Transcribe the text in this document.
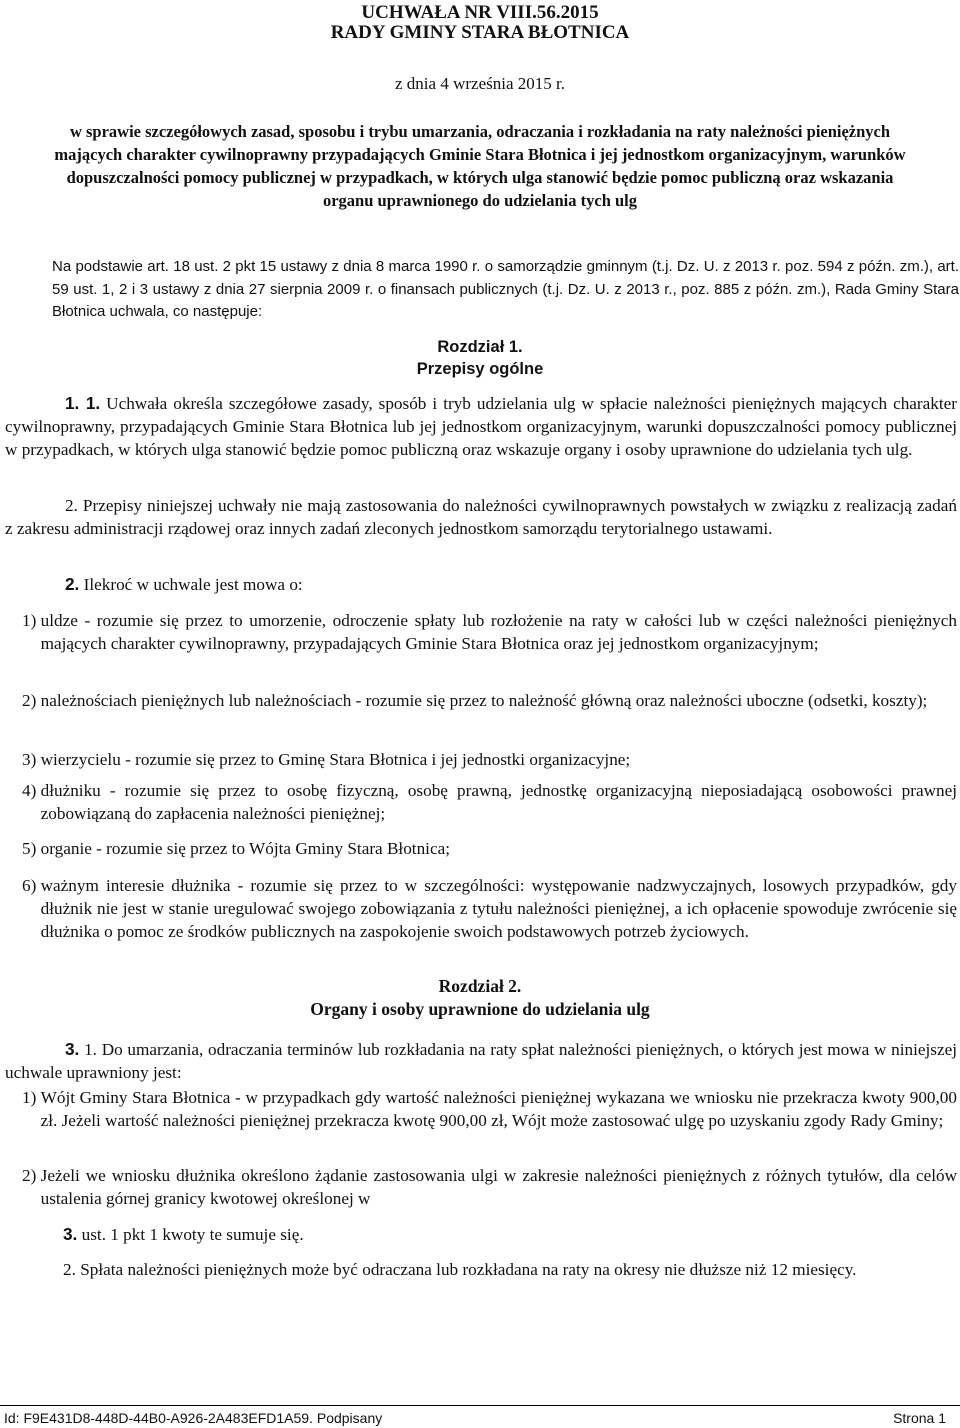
UCHWAŁA NR VIII.56.2015
RADY GMINY STARA BŁOTNICA
z dnia 4 września 2015 r.
w sprawie szczegółowych zasad, sposobu i trybu umarzania, odraczania i rozkładania na raty należności pieniężnych mających charakter cywilnoprawny przypadających Gminie Stara Błotnica i jej jednostkom organizacyjnym, warunków dopuszczalności pomocy publicznej w przypadkach, w których ulga stanowić będzie pomoc publiczną oraz wskazania organu uprawnionego do udzielania tych ulg
Na podstawie art. 18 ust. 2 pkt 15 ustawy z dnia 8 marca 1990 r. o samorządzie gminnym (t.j. Dz. U. z 2013 r. poz. 594 z późn. zm.), art. 59 ust. 1, 2 i 3 ustawy z dnia 27 sierpnia 2009 r. o finansach publicznych (t.j. Dz. U. z 2013 r., poz. 885 z późn. zm.), Rada Gminy Stara Błotnica uchwala, co następuje:
Rozdział 1.
Przepisy ogólne
1. 1. Uchwała określa szczegółowe zasady, sposób i tryb udzielania ulg w spłacie należności pieniężnych mających charakter cywilnoprawny, przypadających Gminie Stara Błotnica lub jej jednostkom organizacyjnym, warunki dopuszczalności pomocy publicznej w przypadkach, w których ulga stanowić będzie pomoc publiczną oraz wskazuje organy i osoby uprawnione do udzielania tych ulg.
2. Przepisy niniejszej uchwały nie mają zastosowania do należności cywilnoprawnych powstałych w związku z realizacją zadań z zakresu administracji rządowej oraz innych zadań zleconych jednostkom samorządu terytorialnego ustawami.
2. Ilekroć w uchwale jest mowa o:
1) uldze - rozumie się przez to umorzenie, odroczenie spłaty lub rozłożenie na raty w całości lub w części należności pieniężnych mających charakter cywilnoprawny, przypadających Gminie Stara Błotnica oraz jej jednostkom organizacyjnym;
2) należnościach pieniężnych lub należnościach - rozumie się przez to należność główną oraz należności uboczne (odsetki, koszty);
3) wierzycielu - rozumie się przez to Gminę Stara Błotnica i jej jednostki organizacyjne;
4) dłużniku - rozumie się przez to osobę fizyczną, osobę prawną, jednostkę organizacyjną nieposiadającą osobowości prawnej zobowiązaną do zapłacenia należności pieniężnej;
5) organie - rozumie się przez to Wójta Gminy Stara Błotnica;
6) ważnym interesie dłużnika - rozumie się przez to w szczególności: występowanie nadzwyczajnych, losowych przypadków, gdy dłużnik nie jest w stanie uregulować swojego zobowiązania z tytułu należności pieniężnej, a ich opłacenie spowoduje zwrócenie się dłużnika o pomoc ze środków publicznych na zaspokojenie swoich podstawowych potrzeb życiowych.
Rozdział 2.
Organy i osoby uprawnione do udzielania ulg
3. 1. Do umarzania, odraczania terminów lub rozkładania na raty spłat należności pieniężnych, o których jest mowa w niniejszej uchwale uprawniony jest:
1) Wójt Gminy Stara Błotnica - w przypadkach gdy wartość należności pieniężnej wykazana we wniosku nie przekracza kwoty 900,00 zł. Jeżeli wartość należności pieniężnej przekracza kwotę 900,00 zł, Wójt może zastosować ulgę po uzyskaniu zgody Rady Gminy;
2) Jeżeli we wniosku dłużnika określono żądanie zastosowania ulgi w zakresie należności pieniężnych z różnych tytułów, dla celów ustalenia górnej granicy kwotowej określonej w
3. ust. 1 pkt 1 kwoty te sumuje się.
2. Spłata należności pieniężnych może być odraczana lub rozkładana na raty na okresy nie dłuższe niż 12 miesięcy.
Id: F9E431D8-448D-44B0-A926-2A483EFD1A59. Podpisany	Strona 1
